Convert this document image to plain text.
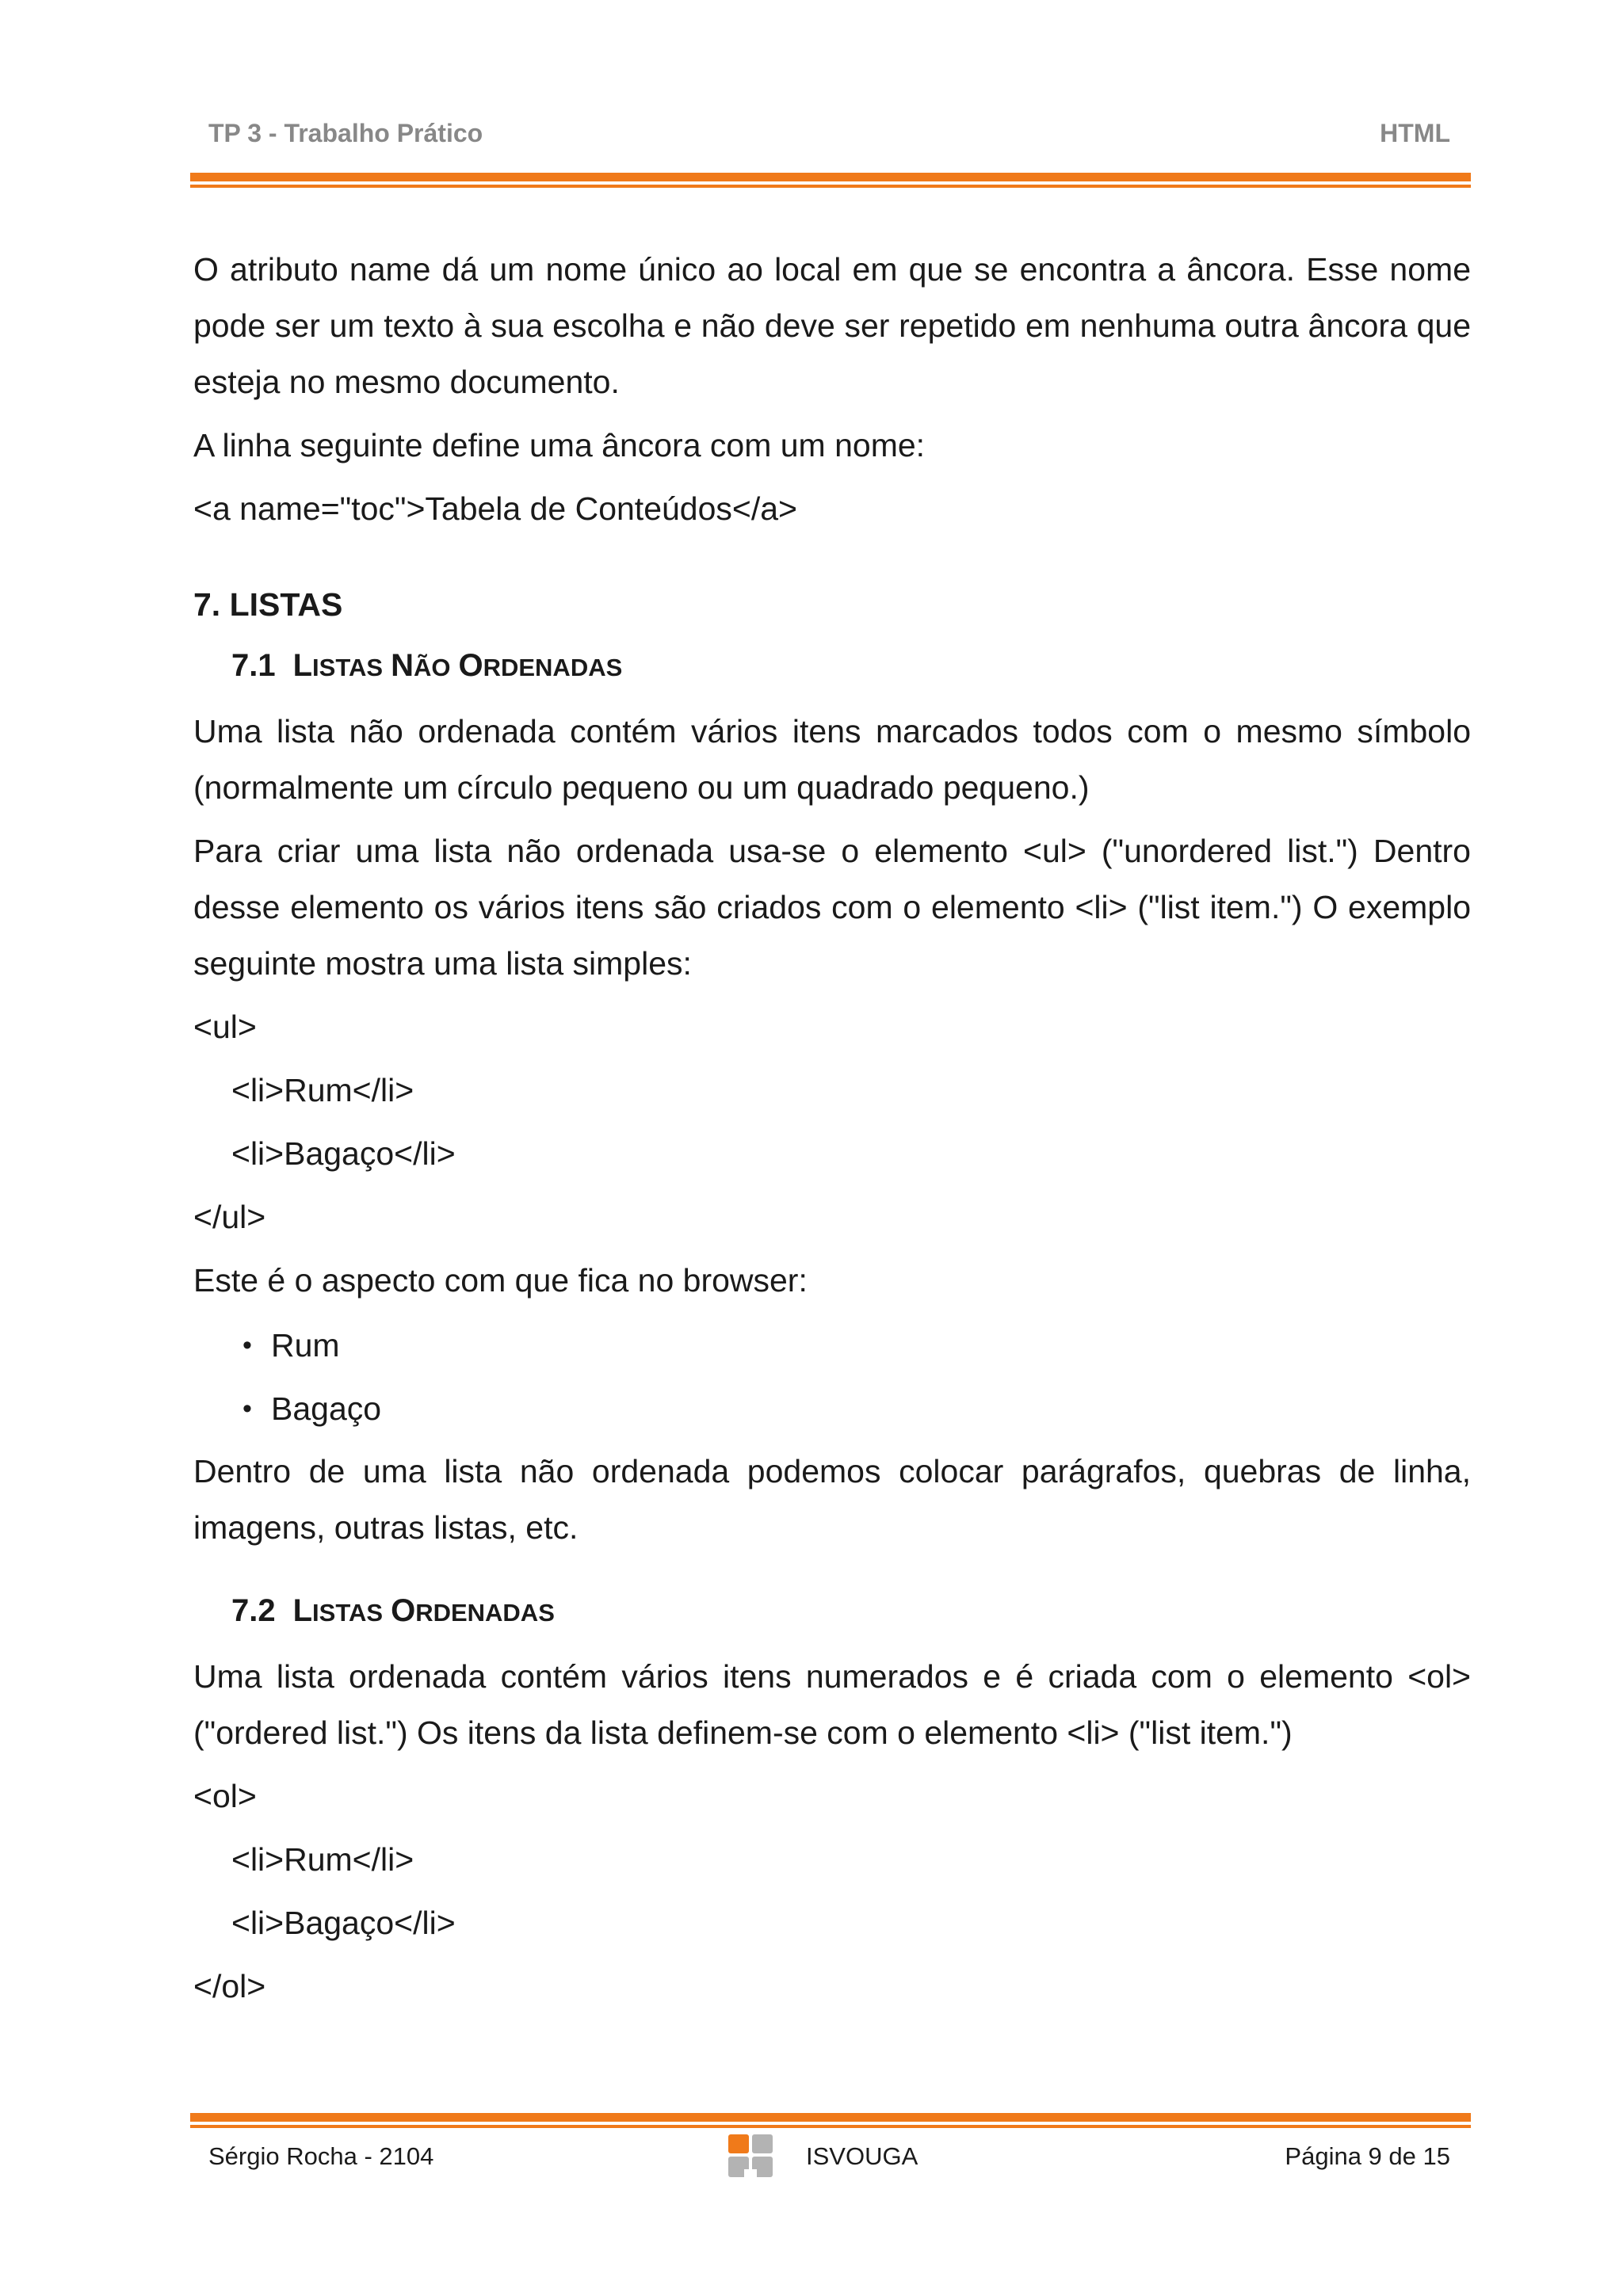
TP 3 - Trabalho Prático	HTML

O atributo name dá um nome único ao local em que se encontra a âncora. Esse nome pode ser um texto à sua escolha e não deve ser repetido em nenhuma outra âncora que esteja no mesmo documento.

A linha seguinte define uma âncora com um nome:

<a name="toc">Tabela de Conteúdos</a>

7. LISTAS
7.1 LISTAS NÃO ORDENADAS

Uma lista não ordenada contém vários itens marcados todos com o mesmo símbolo (normalmente um círculo pequeno ou um quadrado pequeno.)

Para criar uma lista não ordenada usa-se o elemento <ul> ("unordered list.") Dentro desse elemento os vários itens são criados com o elemento <li> ("list item.") O exemplo seguinte mostra uma lista simples:

<ul>

<li>Rum</li>

<li>Bagaço</li>

</ul>

Este é o aspecto com que fica no browser:

• Rum
• Bagaço

Dentro de uma lista não ordenada podemos colocar parágrafos, quebras de linha, imagens, outras listas, etc.

7.2 LISTAS ORDENADAS

Uma lista ordenada contém vários itens numerados e é criada com o elemento <ol> ("ordered list.") Os itens da lista definem-se com o elemento <li> ("list item.")

<ol>

<li>Rum</li>

<li>Bagaço</li>

</ol>

Sérgio Rocha - 2104	ISVOUGA	Página 9 de 15
